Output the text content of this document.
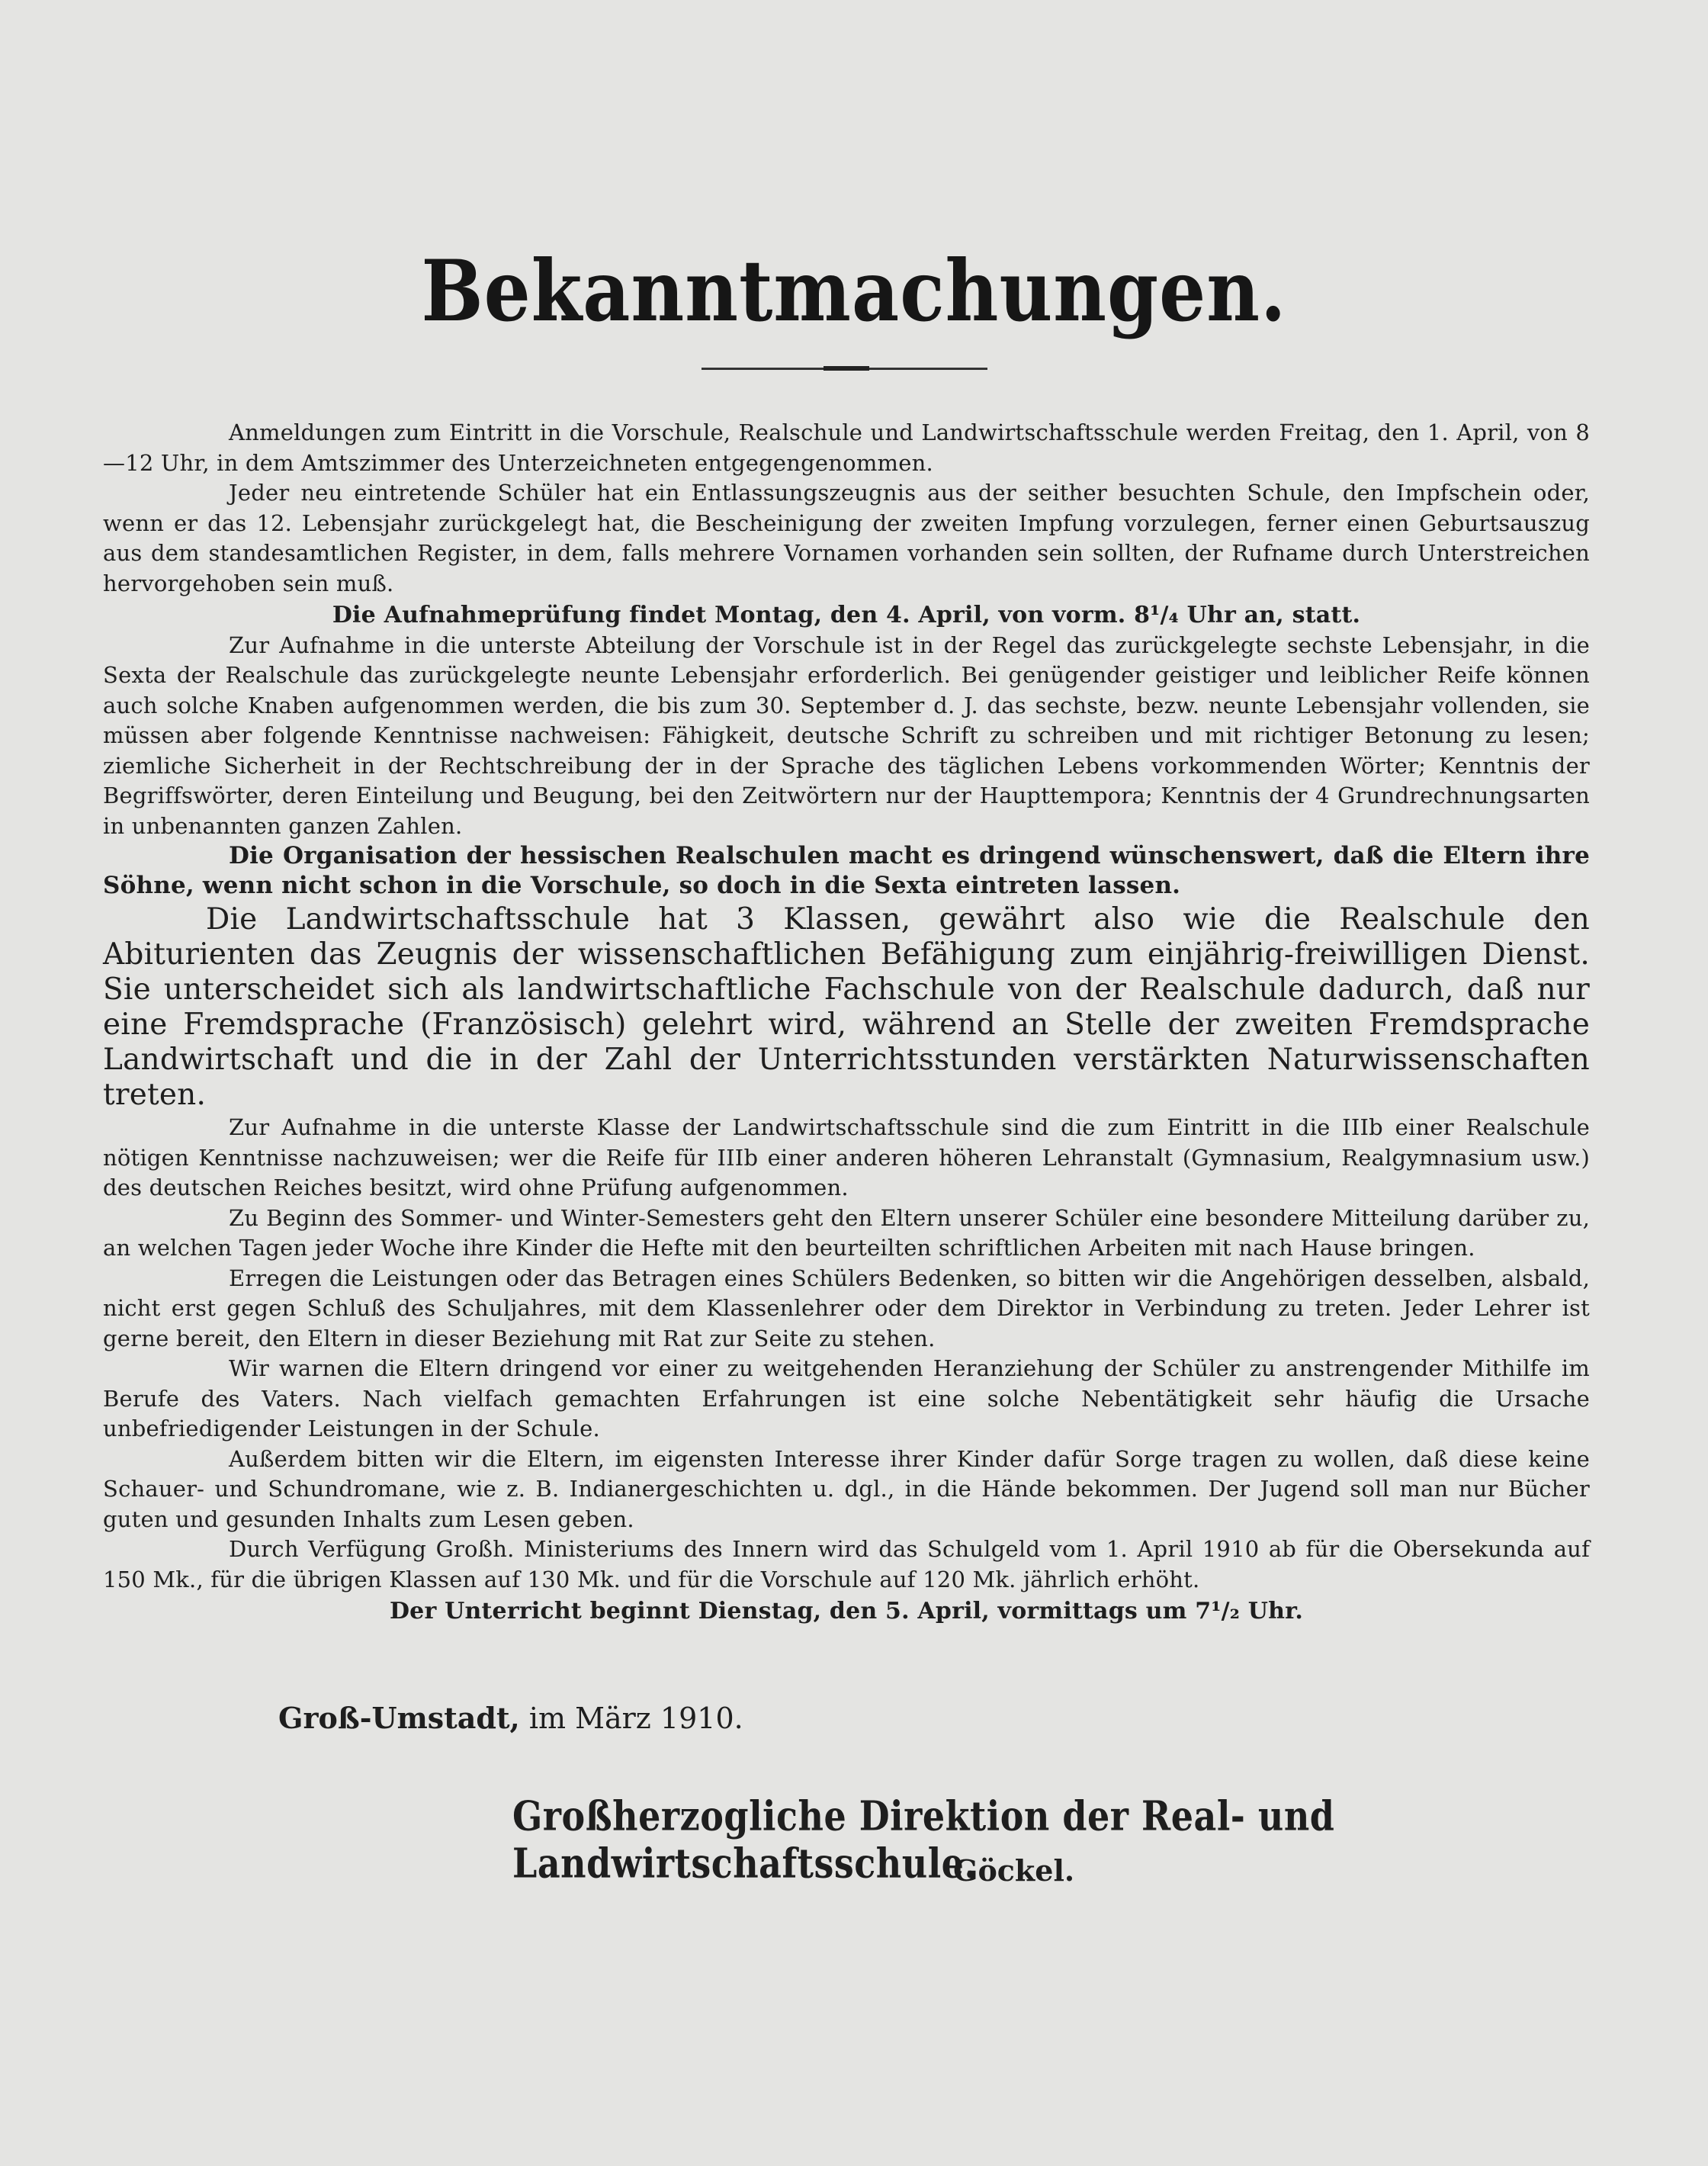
Bekanntmachungen.

Anmeldungen zum Eintritt in die Vorschule, Realschule und Landwirtschaftsschule werden Freitag, den 1. April, von 8—12 Uhr, in dem Amtszimmer des Unterzeichneten entgegengenommen.

Jeder neu eintretende Schüler hat ein Entlassungszeugnis aus der seither besuchten Schule, den Impfschein oder, wenn er das 12. Lebensjahr zurückgelegt hat, die Bescheinigung der zweiten Impfung vorzulegen, ferner einen Geburtsauszug aus dem standesamtlichen Register, in dem, falls mehrere Vornamen vorhanden sein sollten, der Rufname durch Unterstreichen hervorgehoben sein muß.

Die Aufnahmeprüfung findet Montag, den 4. April, von vorm. 8¹/₄ Uhr an, statt.

Zur Aufnahme in die unterste Abteilung der Vorschule ist in der Regel das zurückgelegte sechste Lebensjahr, in die Sexta der Realschule das zurückgelegte neunte Lebensjahr erforderlich. Bei genügender geistiger und leiblicher Reife können auch solche Knaben aufgenommen werden, die bis zum 30. September d. J. das sechste, bezw. neunte Lebensjahr vollenden, sie müssen aber folgende Kenntnisse nachweisen: Fähigkeit, deutsche Schrift zu schreiben und mit richtiger Betonung zu lesen; ziemliche Sicherheit in der Rechtschreibung der in der Sprache des täglichen Lebens vorkommenden Wörter; Kenntnis der Begriffswörter, deren Einteilung und Beugung, bei den Zeitwörtern nur der Haupttempora; Kenntnis der 4 Grundrechnungsarten in unbenannten ganzen Zahlen.

Die Organisation der hessischen Realschulen macht es dringend wünschenswert, daß die Eltern ihre Söhne, wenn nicht schon in die Vorschule, so doch in die Sexta eintreten lassen.

Die Landwirtschaftsschule hat 3 Klassen, gewährt also wie die Realschule den Abiturienten das Zeugnis der wissenschaftlichen Befähigung zum einjährig-freiwilligen Dienst. Sie unterscheidet sich als landwirtschaftliche Fachschule von der Realschule dadurch, daß nur eine Fremdsprache (Französisch) gelehrt wird, während an Stelle der zweiten Fremdsprache Landwirtschaft und die in der Zahl der Unterrichtsstunden verstärkten Naturwissenschaften treten.

Zur Aufnahme in die unterste Klasse der Landwirtschaftsschule sind die zum Eintritt in die IIIb einer Realschule nötigen Kenntnisse nachzuweisen; wer die Reife für IIIb einer anderen höheren Lehranstalt (Gymnasium, Realgymnasium usw.) des deutschen Reiches besitzt, wird ohne Prüfung aufgenommen.

Zu Beginn des Sommer- und Winter-Semesters geht den Eltern unserer Schüler eine besondere Mitteilung darüber zu, an welchen Tagen jeder Woche ihre Kinder die Hefte mit den beurteilten schriftlichen Arbeiten mit nach Hause bringen.

Erregen die Leistungen oder das Betragen eines Schülers Bedenken, so bitten wir die Angehörigen desselben, alsbald, nicht erst gegen Schluß des Schuljahres, mit dem Klassenlehrer oder dem Direktor in Verbindung zu treten. Jeder Lehrer ist gerne bereit, den Eltern in dieser Beziehung mit Rat zur Seite zu stehen.

Wir warnen die Eltern dringend vor einer zu weitgehenden Heranziehung der Schüler zu anstrengender Mithilfe im Berufe des Vaters. Nach vielfach gemachten Erfahrungen ist eine solche Nebentätigkeit sehr häufig die Ursache unbefriedigender Leistungen in der Schule.

Außerdem bitten wir die Eltern, im eigensten Interesse ihrer Kinder dafür Sorge tragen zu wollen, daß diese keine Schauer- und Schundromane, wie z. B. Indianergeschichten u. dgl., in die Hände bekommen. Der Jugend soll man nur Bücher guten und gesunden Inhalts zum Lesen geben.

Durch Verfügung Großh. Ministeriums des Innern wird das Schulgeld vom 1. April 1910 ab für die Obersekunda auf 150 Mk., für die übrigen Klassen auf 130 Mk. und für die Vorschule auf 120 Mk. jährlich erhöht.

Der Unterricht beginnt Dienstag, den 5. April, vormittags um 7¹/₂ Uhr.

Groß-Umstadt, im März 1910.
Großherzogliche Direktion der Real- und Landwirtschaftsschule.
Göckel.
